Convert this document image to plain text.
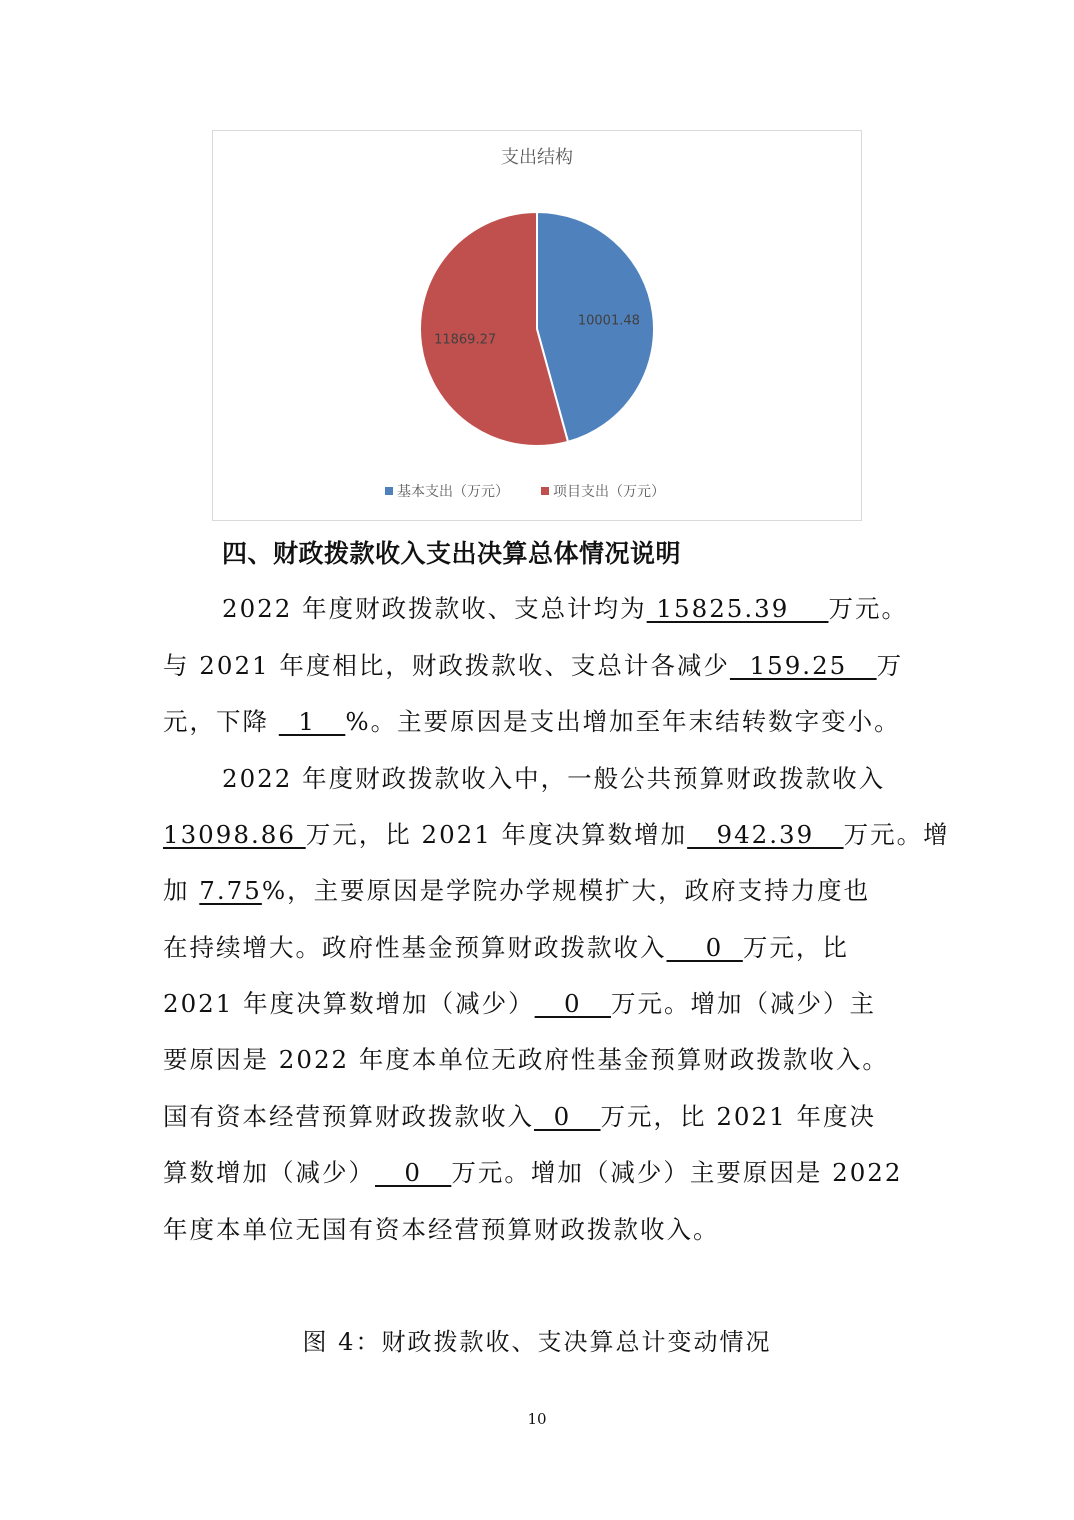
支出结构
10001.48
11869.27
基本支出（万元）	项目支出（万元）
四、财政拨款收入支出决算总体情况说明
2022 年度财政拨款收、支总计均为 15825.39    万元。
与 2021 年度相比，财政拨款收、支总计各减少  159.25   万
元，下降   1   %。主要原因是支出增加至年末结转数字变小。
2022 年度财政拨款收入中，一般公共预算财政拨款收入
13098.86 万元，比 2021 年度决算数增加   942.39   万元。增
加 7.75%，主要原因是学院办学规模扩大，政府支持力度也
在持续增大。政府性基金预算财政拨款收入    0  万元，比
2021 年度决算数增加（减少）   0   万元。增加（减少）主
要原因是 2022 年度本单位无政府性基金预算财政拨款收入。
国有资本经营预算财政拨款收入  0   万元，比 2021 年度决
算数增加（减少）   0   万元。增加（减少）主要原因是 2022
年度本单位无国有资本经营预算财政拨款收入。
图 4：财政拨款收、支决算总计变动情况
10
